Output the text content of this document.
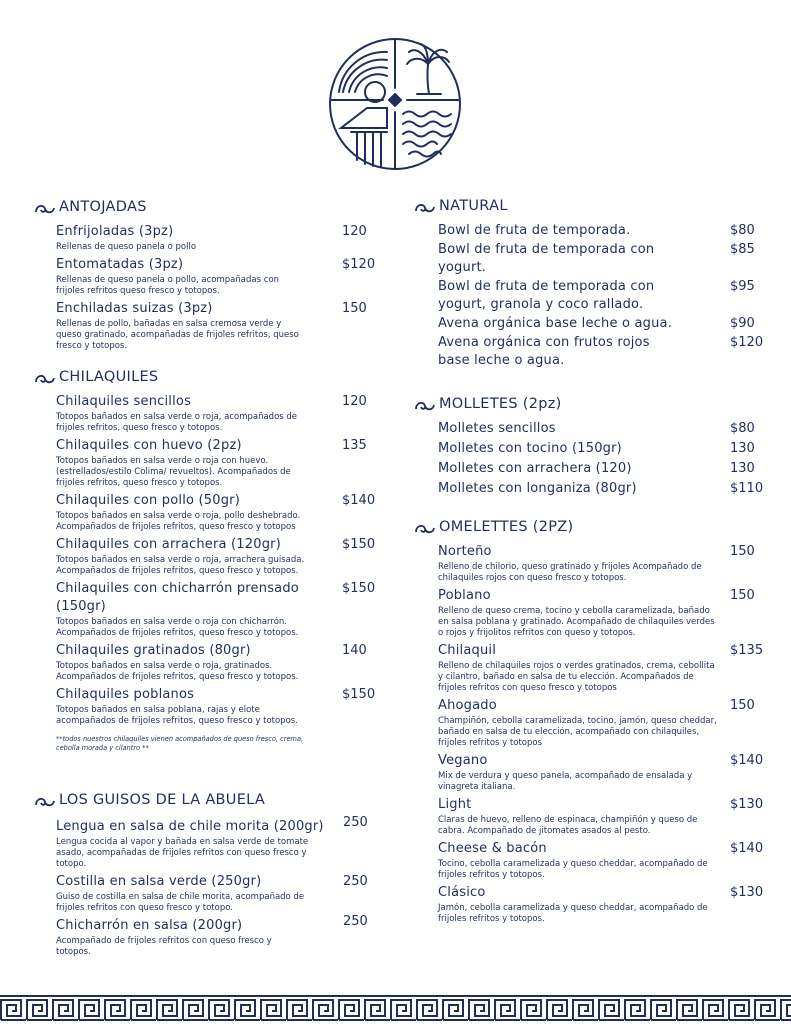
ANTOJADAS
Enfrijoladas (3pz)	120
Rellenas de queso panela o pollo
Entomatadas (3pz)	$120
Rellenas de queso panela o pollo, acompañadas con frijoles refritos queso fresco y totopos.
Enchiladas suizas (3pz)	150
Rellenas de pollo, bañadas en salsa cremosa verde y queso gratinado, acompañadas de frijoles refritos, queso fresco y totopos.
CHILAQUILES
Chilaquiles sencillos	120
Totopos bañados en salsa verde o roja, acompañados de frijoles refritos, queso fresco y totopos.
Chilaquiles con huevo (2pz)	135
Totopos bañados en salsa verde o roja con huevo. (estrellados/estilo Colima/ revueltos). Acompañados de frijoles refritos, queso fresco y totopos.
Chilaquiles con pollo (50gr)	$140
Totopos bañados en salsa verde o roja, pollo deshebrado. Acompañados de frijoles refritos, queso fresco y totopos
Chilaquiles con arrachera (120gr)	$150
Totopos bañados en salsa verde o roja, arrachera guisada. Acompañados de frijoles refritos, queso fresco y totopos.
Chilaquiles con chicharrón prensado (150gr)
$150
Totopos bañados en salsa verde o roja con chicharrón. Acompañados de frijoles refritos, queso fresco y totopos.
Chilaquiles gratinados (80gr)	140
Totopos bañados en salsa verde o roja, gratinados. Acompañados de frijoles refritos, queso fresco y totopos.
Chilaquiles poblanos	$150
Totopos bañados en salsa poblana, rajas y elote acompañados de frijoles refritos, queso fresco y totopos.
**todos nuestros chilaquiles vienen acompañados de queso fresco, crema, cebolla morada y cilantro **
LOS GUISOS DE LA ABUELA
Lengua en salsa de chile morita (200gr)	250
Lengua cocida al vapor y bañada en salsa verde de tomate asado, acompañadas de frijoles refritos con queso fresco y totopo.
Costilla en salsa verde (250gr)	250
Guiso de costilla en salsa de chile morita, acompañado de frijoles refritos con queso fresco y totopo.
Chicharrón en salsa (200gr)	250
Acompañado de frijoles refritos con queso fresco y totopos.
NATURAL
Bowl de fruta de temporada.	$80
Bowl de fruta de temporada con yogurt.
$85
Bowl de fruta de temporada con yogurt, granola y coco rallado.
$95
Avena orgánica base leche o agua.	$90
Avena orgánica con frutos rojos base leche o agua.
$120
MOLLETES (2pz)
Molletes sencillos	$80
Molletes con tocino (150gr)	130
Molletes con arrachera (120)	130
Molletes con longaniza (80gr)	$110
OMELETTES (2PZ)
Norteño	150
Relleno de chilorio, queso gratinado y frijoles Acompañado de chilaquiles rojos con queso fresco y totopos.
Poblano	150
Relleno de queso crema, tocino y cebolla caramelizada, bañado en salsa poblana y gratinado. Acompañado de chilaquiles verdes o rojos y frijolitos refritos con queso y totopos.
Chilaquil	$135
Relleno de chilaquiles rojos o verdes gratinados, crema, cebollita y cilantro, bañado en salsa de tu elección. Acompañados de frijoles refritos con queso fresco y totopos
Ahogado	150
Champiñón, cebolla caramelizada, tocino, jamón, queso cheddar, bañado en salsa de tu elección, acompañado con chilaquiles, frijoles refritos y totopos
Vegano	$140
Mix de verdura y queso panela, acompañado de ensalada y vinagreta italiana.
Light	$130
Claras de huevo, relleno de espinaca, champiñón y queso de cabra. Acompañado de jitomates asados al pesto.
Cheese & bacón	$140
Tocino, cebolla caramelizada y queso cheddar, acompañado de frijoles refritos y totopos.
Clásico	$130
Jamón, cebolla caramelizada y queso cheddar, acompañado de frijoles refritos y totopos.
